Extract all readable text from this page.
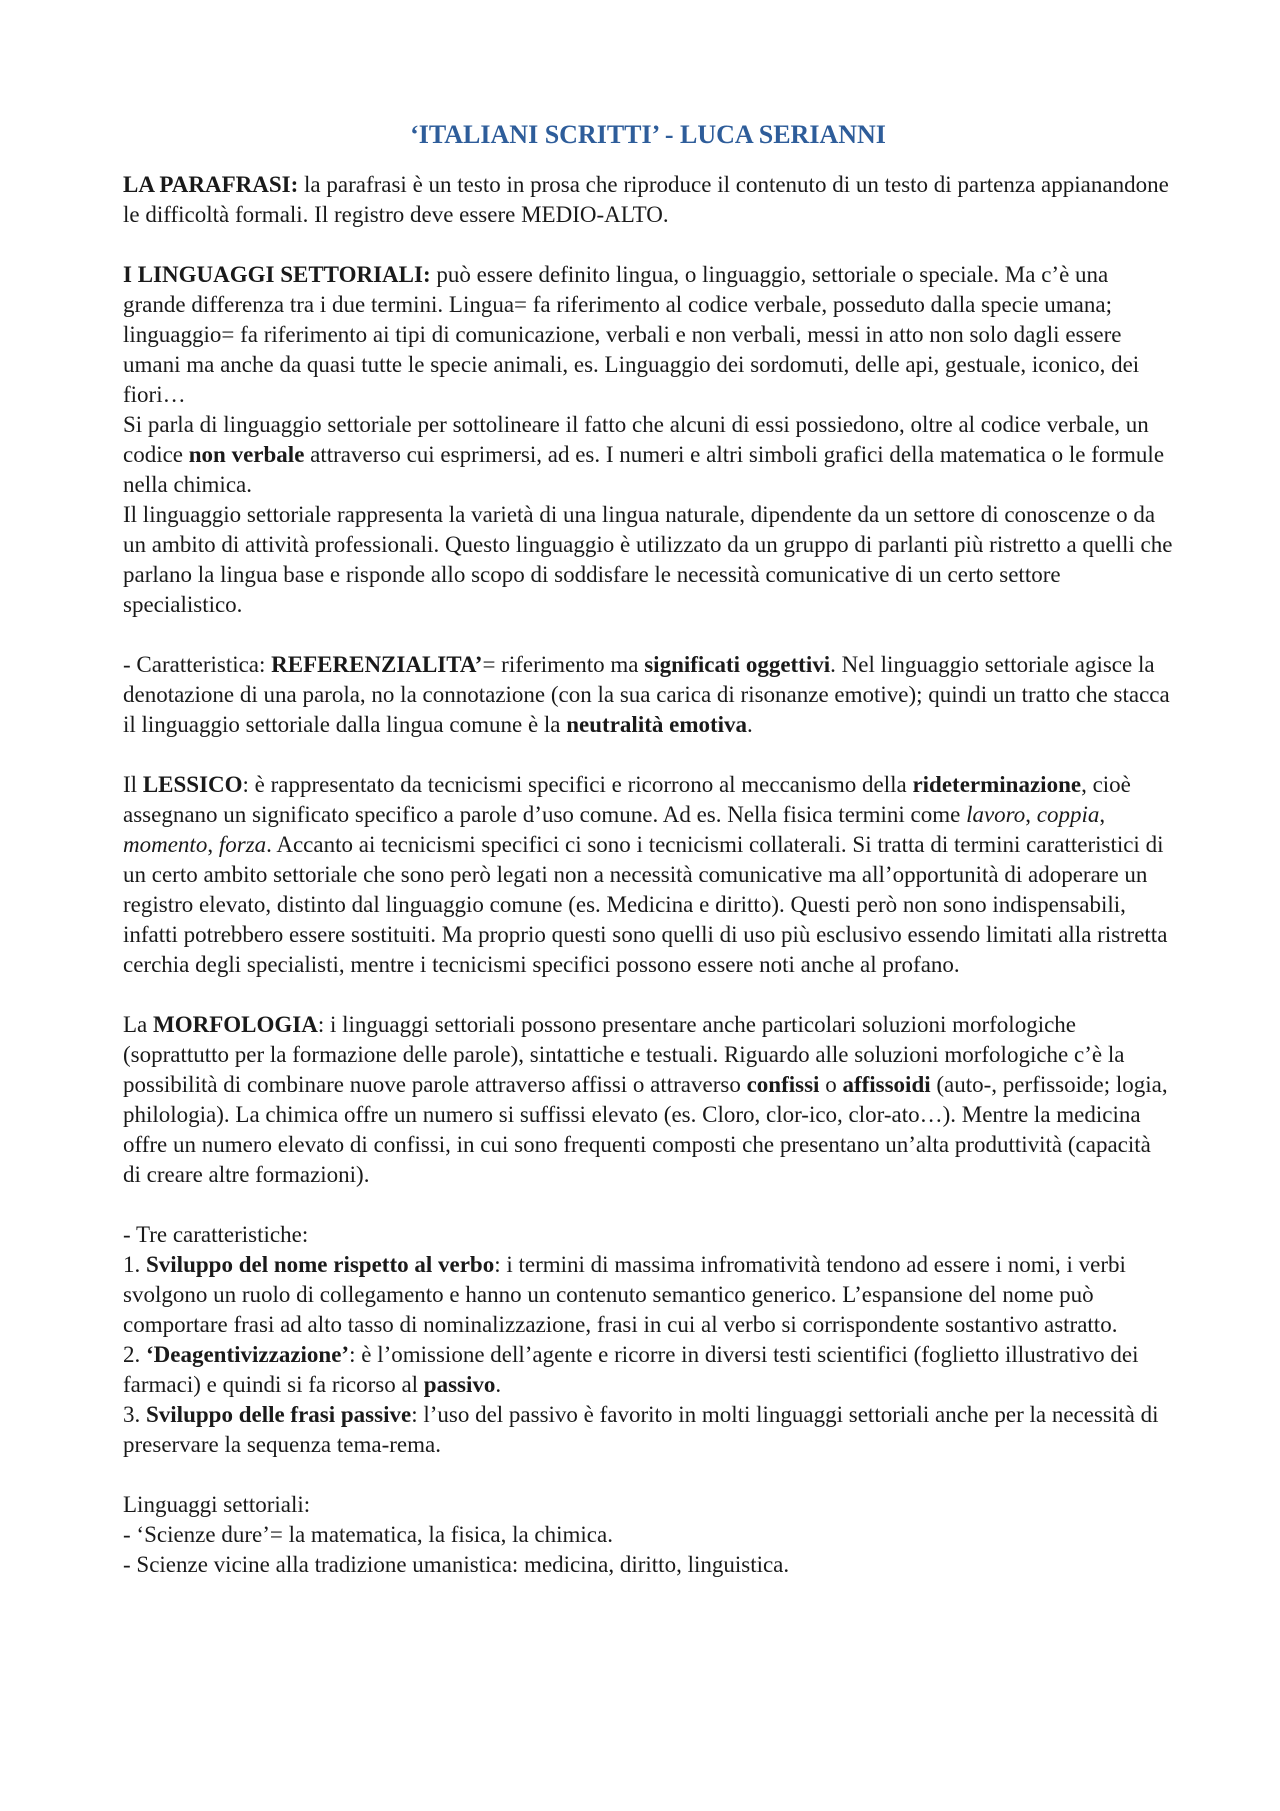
‘ITALIANI SCRITTI’ - LUCA SERIANNI

LA PARAFRASI: la parafrasi è un testo in prosa che riproduce il contenuto di un testo di partenza appianandone le difficoltà formali. Il registro deve essere MEDIO-ALTO.

I LINGUAGGI SETTORIALI: può essere definito lingua, o linguaggio, settoriale o speciale. Ma c’è una grande differenza tra i due termini. Lingua= fa riferimento al codice verbale, posseduto dalla specie umana; linguaggio= fa riferimento ai tipi di comunicazione, verbali e non verbali, messi in atto non solo dagli essere umani ma anche da quasi tutte le specie animali, es. Linguaggio dei sordomuti, delle api, gestuale, iconico, dei fiori…

Si parla di linguaggio settoriale per sottolineare il fatto che alcuni di essi possiedono, oltre al codice verbale, un codice non verbale attraverso cui esprimersi, ad es. I numeri e altri simboli grafici della matematica o le formule nella chimica.

Il linguaggio settoriale rappresenta la varietà di una lingua naturale, dipendente da un settore di conoscenze o da un ambito di attività professionali. Questo linguaggio è utilizzato da un gruppo di parlanti più ristretto a quelli che parlano la lingua base e risponde allo scopo di soddisfare le necessità comunicative di un certo settore specialistico.

- Caratteristica: REFERENZIALITA’= riferimento ma significati oggettivi. Nel linguaggio settoriale agisce la denotazione di una parola, no la connotazione (con la sua carica di risonanze emotive); quindi un tratto che stacca il linguaggio settoriale dalla lingua comune è la neutralità emotiva.

Il LESSICO: è rappresentato da tecnicismi specifici e ricorrono al meccanismo della rideterminazione, cioè assegnano un significato specifico a parole d’uso comune. Ad es. Nella fisica termini come lavoro, coppia, momento, forza. Accanto ai tecnicismi specifici ci sono i tecnicismi collaterali. Si tratta di termini caratteristici di un certo ambito settoriale che sono però legati non a necessità comunicative ma all’opportunità di adoperare un registro elevato, distinto dal linguaggio comune (es. Medicina e diritto). Questi però non sono indispensabili, infatti potrebbero essere sostituiti. Ma proprio questi sono quelli di uso più esclusivo essendo limitati alla ristretta cerchia degli specialisti, mentre i tecnicismi specifici possono essere noti anche al profano.

La MORFOLOGIA: i linguaggi settoriali possono presentare anche particolari soluzioni morfologiche (soprattutto per la formazione delle parole), sintattiche e testuali. Riguardo alle soluzioni morfologiche c’è la possibilità di combinare nuove parole attraverso affissi o attraverso confissi o affissoidi (auto-, perfissoide; logia, philologia). La chimica offre un numero si suffissi elevato (es. Cloro, clor-ico, clor-ato…). Mentre la medicina offre un numero elevato di confissi, in cui sono frequenti composti che presentano un’alta produttività (capacità di creare altre formazioni).

- Tre caratteristiche:

1. Sviluppo del nome rispetto al verbo: i termini di massima infromatività tendono ad essere i nomi, i verbi svolgono un ruolo di collegamento e hanno un contenuto semantico generico. L’espansione del nome può comportare frasi ad alto tasso di nominalizzazione, frasi in cui al verbo si corrispondente sostantivo astratto.

2. ‘Deagentivizzazione’: è l’omissione dell’agente e ricorre in diversi testi scientifici (foglietto illustrativo dei farmaci) e quindi si fa ricorso al passivo.

3. Sviluppo delle frasi passive: l’uso del passivo è favorito in molti linguaggi settoriali anche per la necessità di preservare la sequenza tema-rema.

Linguaggi settoriali:

- ‘Scienze dure’= la matematica, la fisica, la chimica.

- Scienze vicine alla tradizione umanistica: medicina, diritto, linguistica.
